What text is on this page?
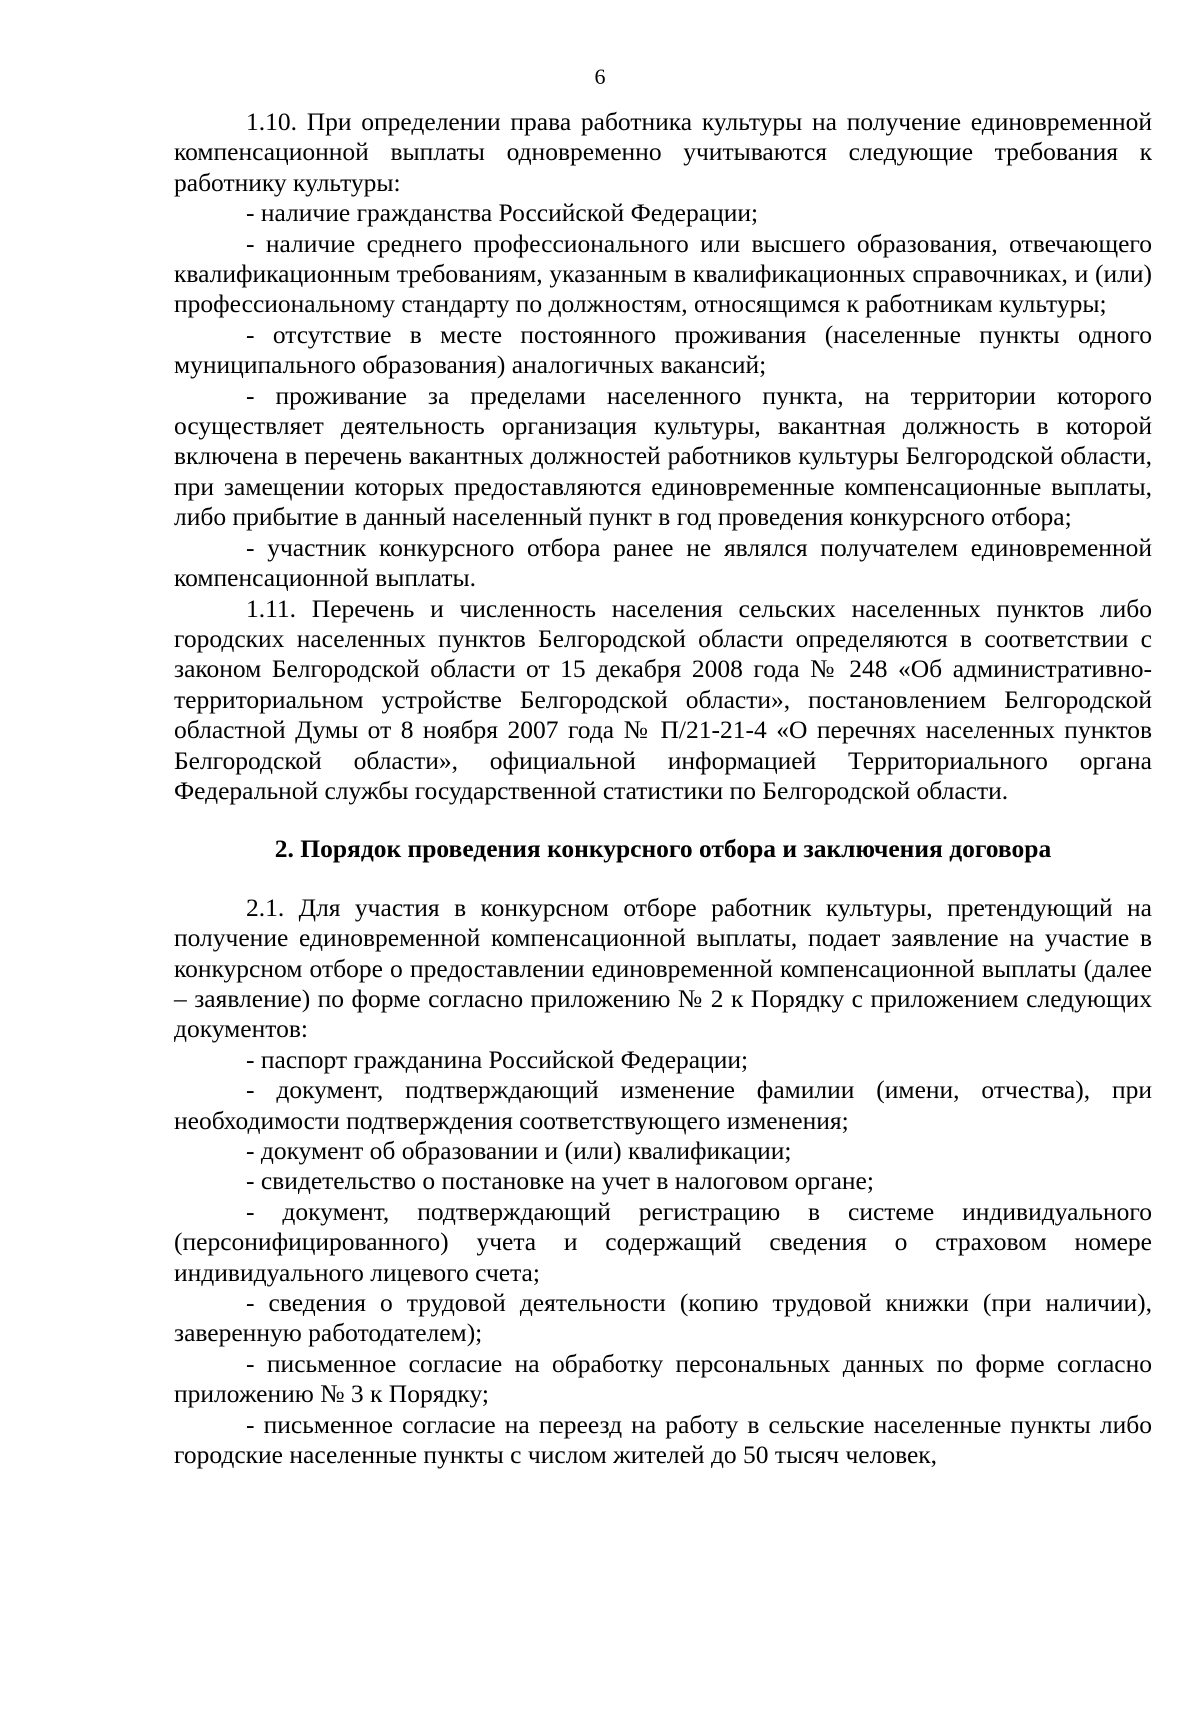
6

1.10. При определении права работника культуры на получение единовременной компенсационной выплаты одновременно учитываются следующие требования к работнику культуры:

- наличие гражданства Российской Федерации;

- наличие среднего профессионального или высшего образования, отвечающего квалификационным требованиям, указанным в квалификационных справочниках, и (или) профессиональному стандарту по должностям, относящимся к работникам культуры;

- отсутствие в месте постоянного проживания (населенные пункты одного муниципального образования) аналогичных вакансий;

- проживание за пределами населенного пункта, на территории которого осуществляет деятельность организация культуры, вакантная должность в которой включена в перечень вакантных должностей работников культуры Белгородской области, при замещении которых предоставляются единовременные компенсационные выплаты, либо прибытие в данный населенный пункт в год проведения конкурсного отбора;

- участник конкурсного отбора ранее не являлся получателем единовременной компенсационной выплаты.

1.11. Перечень и численность населения сельских населенных пунктов либо городских населенных пунктов Белгородской области определяются в соответствии с законом Белгородской области от 15 декабря 2008 года № 248 «Об административно-территориальном устройстве Белгородской области», постановлением Белгородской областной Думы от 8 ноября 2007 года № П/21-21-4 «О перечнях населенных пунктов Белгородской области», официальной информацией Территориального органа Федеральной службы государственной статистики по Белгородской области.

2. Порядок проведения конкурсного отбора и заключения договора

2.1. Для участия в конкурсном отборе работник культуры, претендующий на получение единовременной компенсационной выплаты, подает заявление на участие в конкурсном отборе о предоставлении единовременной компенсационной выплаты (далее – заявление) по форме согласно приложению № 2 к Порядку с приложением следующих документов:

- паспорт гражданина Российской Федерации;

- документ, подтверждающий изменение фамилии (имени, отчества), при необходимости подтверждения соответствующего изменения;

- документ об образовании и (или) квалификации;

- свидетельство о постановке на учет в налоговом органе;

- документ, подтверждающий регистрацию в системе индивидуального (персонифицированного) учета и содержащий сведения о страховом номере индивидуального лицевого счета;

- сведения о трудовой деятельности (копию трудовой книжки (при наличии), заверенную работодателем);

- письменное согласие на обработку персональных данных по форме согласно приложению № 3 к Порядку;

- письменное согласие на переезд на работу в сельские населенные пункты либо городские населенные пункты с числом жителей до 50 тысяч человек,
